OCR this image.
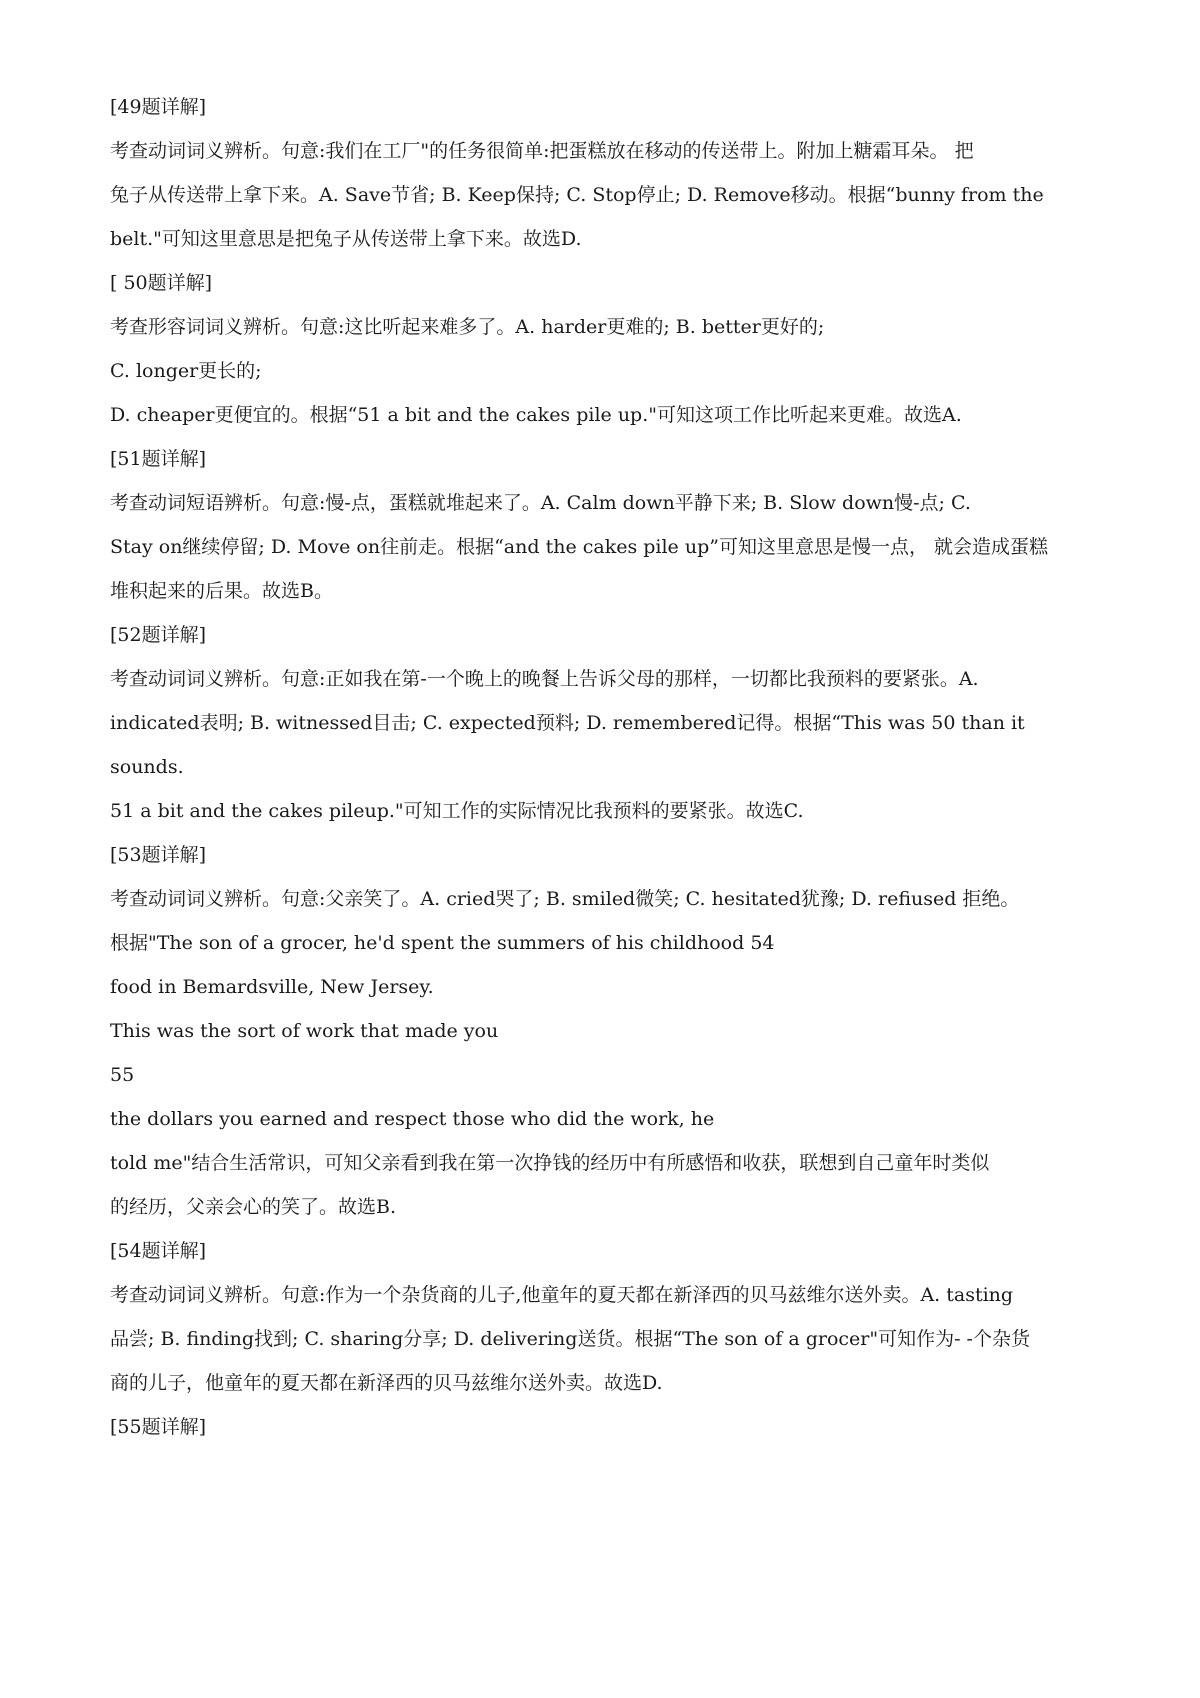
[49题详解]
考查动词词义辨析。句意:我们在工厂"的任务很简单:把蛋糕放在移动的传送带上。附加上糖霜耳朵。 把
兔子从传送带上拿下来。A. Save节省; B. Keep保持; C. Stop停止; D. Remove移动。根据“bunny from the
belt."可知这里意思是把兔子从传送带上拿下来。故选D.
[ 50题详解]
考查形容词词义辨析。句意:这比听起来难多了。A. harder更难的; B. better更好的;
C. longer更长的;
D. cheaper更便宜的。根据“51 a bit and the cakes pile up."可知这项工作比听起来更难。故选A.
[51题详解]
考查动词短语辨析。句意:慢-点，蛋糕就堆起来了。A. Calm down平静下来; B. Slow down慢-点; C.
Stay on继续停留; D. Move on往前走。根据“and the cakes pile up”可知这里意思是慢一点， 就会造成蛋糕
堆积起来的后果。故选B。
[52题详解]
考查动词词义辨析。句意:正如我在第-一个晚上的晚餐上告诉父母的那样，一切都比我预料的要紧张。A.
indicated表明; B. witnessed目击; C. expected预料; D. remembered记得。根据“This was 50 than it
sounds.
51 a bit and the cakes pileup."可知工作的实际情况比我预料的要紧张。故选C.
[53题详解]
考查动词词义辨析。句意:父亲笑了。A. cried哭了; B. smiled微笑; C. hesitated犹豫; D. refiused 拒绝。
根据"The son of a grocer, he'd spent the summers of his childhood 54
food in Bemardsville, New Jersey.
This was the sort of work that made you
55
the dollars you earned and respect those who did the work, he
told me"结合生活常识，可知父亲看到我在第一次挣钱的经历中有所感悟和收获，联想到自己童年时类似
的经历，父亲会心的笑了。故选B.
[54题详解]
考查动词词义辨析。句意:作为一个杂货商的儿子,他童年的夏天都在新泽西的贝马兹维尔送外卖。A. tasting
品尝; B. finding找到; C. sharing分享; D. delivering送货。根据“The son of a grocer"可知作为- -个杂货
商的儿子，他童年的夏天都在新泽西的贝马兹维尔送外卖。故选D.
[55题详解]
